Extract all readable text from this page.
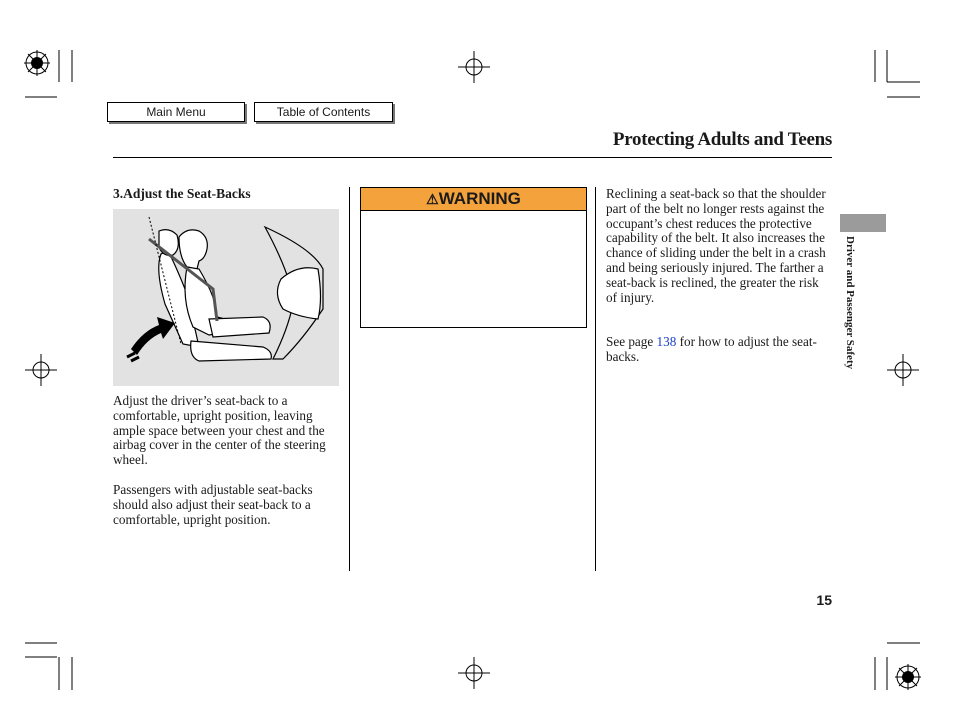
Main Menu	Table of Contents
Protecting Adults and Teens
3.Adjust the Seat-Backs
Adjust the driver’s seat-back to a comfortable, upright position, leaving ample space between your chest and the airbag cover in the center of the steering wheel.
Passengers with adjustable seat-backs should also adjust their seat-back to a comfortable, upright position.
⚠WARNING	Reclining a seat-back so that the shoulder part of the belt no longer rests against the occupant’s chest reduces the protective capability of the belt. It also increases the chance of sliding under the belt in a crash and being seriously injured. The farther a seat-back is reclined, the greater the risk of injury.
See page 138 for how to adjust the seat-backs.	Driver and Passenger Safety
15
